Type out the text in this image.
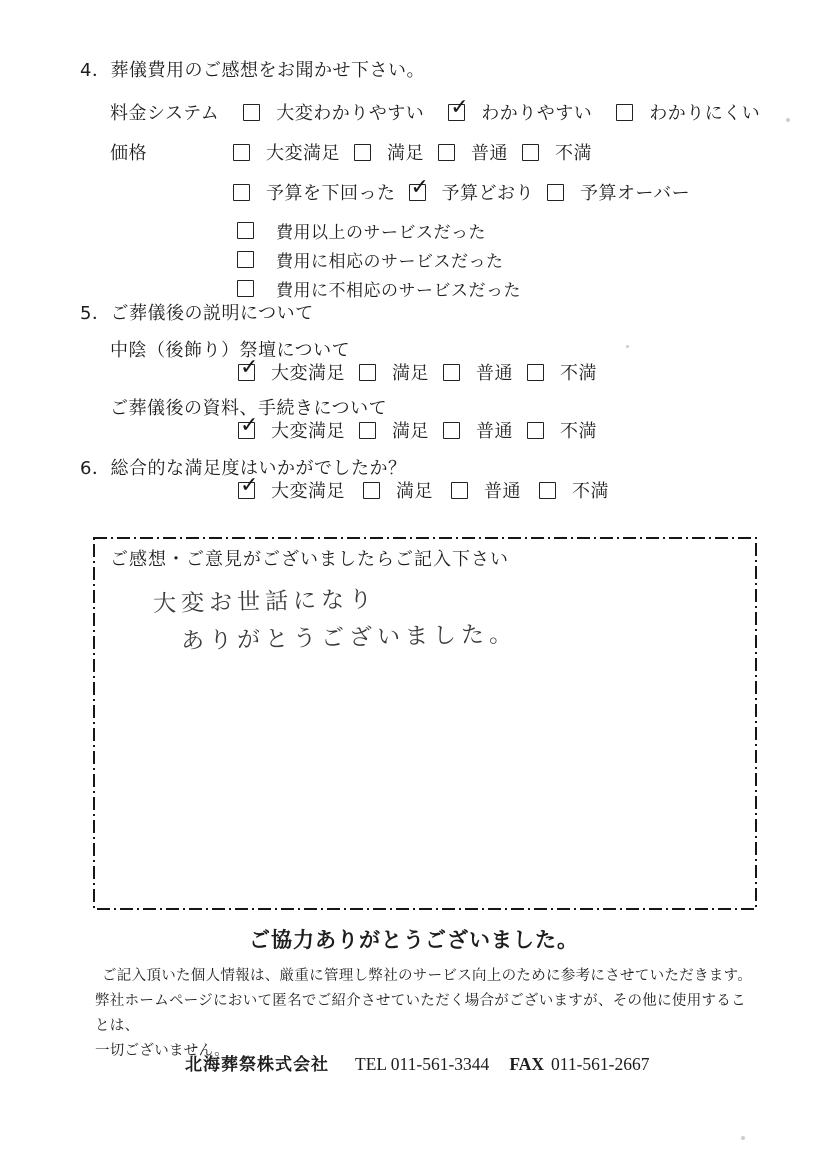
4．葬儀費用のご感想をお聞かせ下さい。
料金システム	大変わかりやすい ✓	わかりやすい	わかりにくい
価格	大変満足	満足	普通	不満
予算を下回った ✓	予算どおり	予算オーバー
費用以上のサービスだった
費用に相応のサービスだった
費用に不相応のサービスだった
5．ご葬儀後の説明について
中陰（後飾り）祭壇について
✓
大変満足	満足	普通	不満
ご葬儀後の資料、手続きについて
✓
大変満足	満足	普通	不満
6．総合的な満足度はいかがでしたか？
✓
大変満足	満足	普通	不満
ご感想・ご意見がございましたらご記入下さい
大変お世話になり
ありがとうございました。
ご協力ありがとうございました。
ご記入頂いた個人情報は、厳重に管理し弊社のサービス向上のために参考にさせていただきます。
弊社ホームページにおいて匿名でご紹介させていただく場合がございますが、その他に使用することは、
一切ございません。
北海葬祭株式会社 TEL 011-561-3344 FAX 011-561-2667
